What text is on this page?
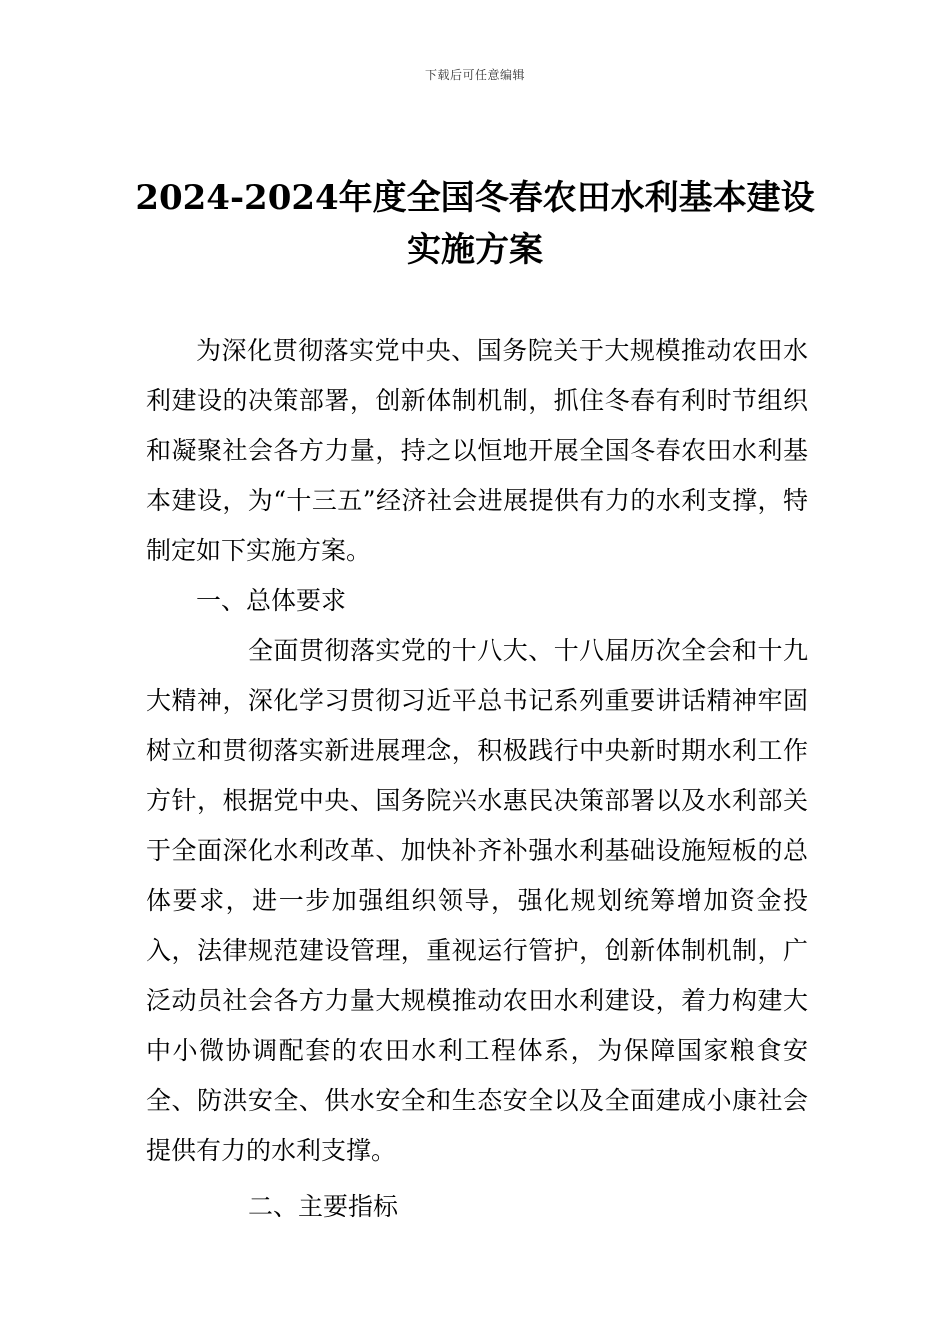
下载后可任意编辑
2024-2024年度全国冬春农田水利基本建设
实施方案

为深化贯彻落实党中央、国务院关于大规模推动农田水利建设的决策部署，创新体制机制，抓住冬春有利时节组织和凝聚社会各方力量，持之以恒地开展全国冬春农田水利基本建设，为“十三五”经济社会进展提供有力的水利支撑，特制定如下实施方案。

一、总体要求

全面贯彻落实党的十八大、十八届历次全会和十九大精神，深化学习贯彻习近平总书记系列重要讲话精神牢固树立和贯彻落实新进展理念，积极践行中央新时期水利工作方针，根据党中央、国务院兴水惠民决策部署以及水利部关于全面深化水利改革、加快补齐补强水利基础设施短板的总体要求，进一步加强组织领导，强化规划统筹增加资金投入，法律规范建设管理，重视运行管护，创新体制机制，广泛动员社会各方力量大规模推动农田水利建设，着力构建大中小微协调配套的农田水利工程体系，为保障国家粮食安全、防洪安全、供水安全和生态安全以及全面建成小康社会提供有力的水利支撑。

二、主要指标
